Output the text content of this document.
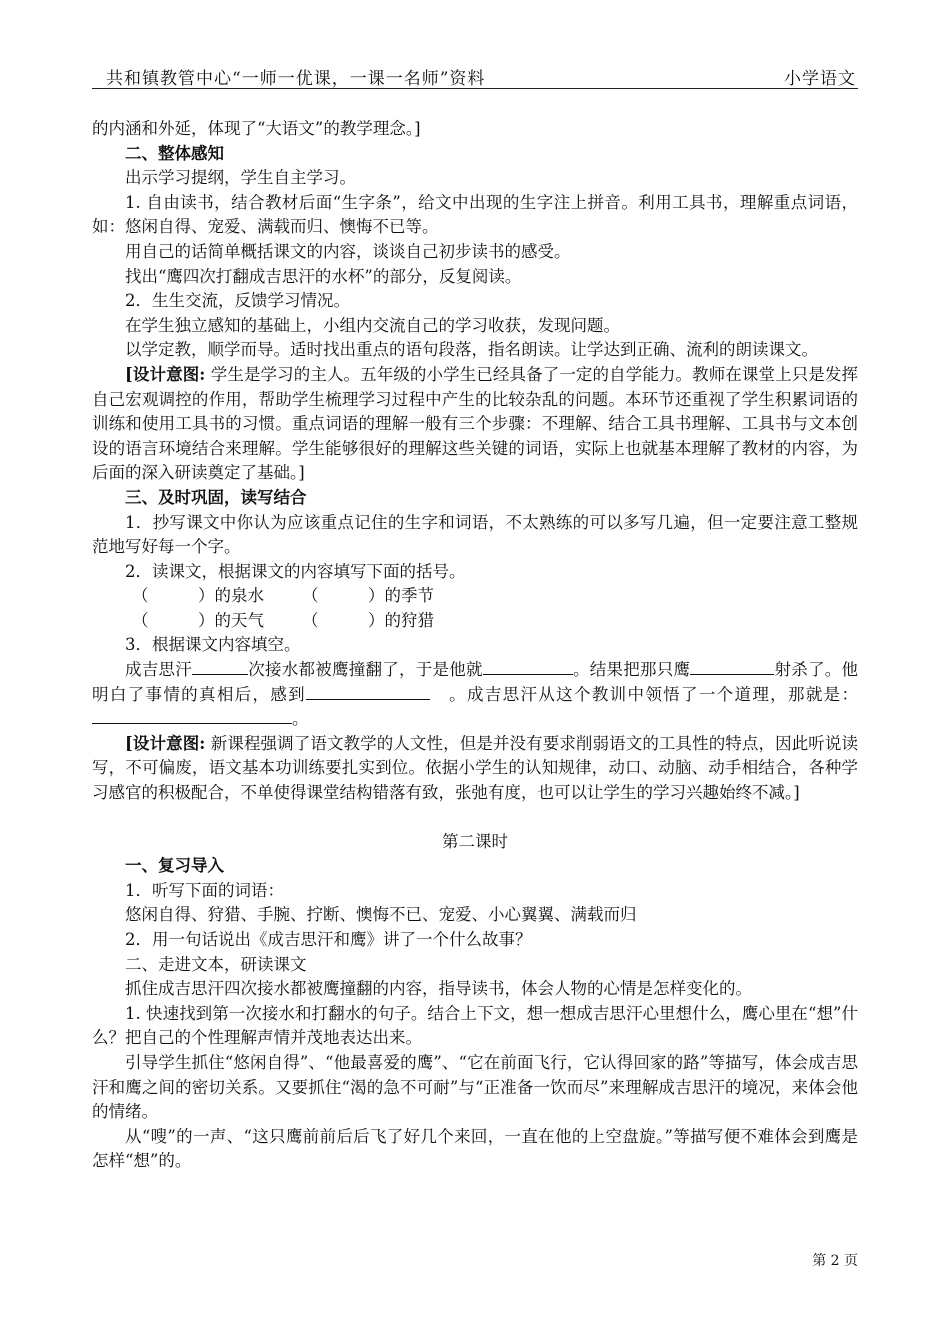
共和镇教管中心“一师一优课，一课一名师”资料	小学语文

的内涵和外延，体现了“大语文”的教学理念。]

二、整体感知

出示学习提纲，学生自主学习。

1. 自由读书，结合教材后面“生字条”，给文中出现的生字注上拼音。利用工具书，理解重点词语，如：悠闲自得、宠爱、满载而归、懊悔不已等。

用自己的话简单概括课文的内容，谈谈自己初步读书的感受。

找出“鹰四次打翻成吉思汗的水杯”的部分，反复阅读。

2．生生交流，反馈学习情况。

在学生独立感知的基础上，小组内交流自己的学习收获，发现问题。

以学定教，顺学而导。适时找出重点的语句段落，指名朗读。让学达到正确、流利的朗读课文。

[设计意图: 学生是学习的主人。五年级的小学生已经具备了一定的自学能力。教师在课堂上只是发挥自己宏观调控的作用，帮助学生梳理学习过程中产生的比较杂乱的问题。本环节还重视了学生积累词语的训练和使用工具书的习惯。重点词语的理解一般有三个步骤：不理解、结合工具书理解、工具书与文本创设的语言环境结合来理解。学生能够很好的理解这些关键的词语，实际上也就基本理解了教材的内容，为后面的深入研读奠定了基础。]

三、及时巩固，读写结合

1．抄写课文中你认为应该重点记住的生字和词语，不太熟练的可以多写几遍，但一定要注意工整规范地写好每一个字。

2．读课文，根据课文的内容填写下面的括号。

（　　　）的泉水 （　　　）的季节

（　　　）的天气 （　　　）的狩猎

3．根据课文内容填空。

成吉思汗	次接水都被鹰撞翻了，于是他就	。结果把那只鹰	射杀了。他明白了事情的真相后，感到	　。成吉思汗从这个教训中领悟了一个道理，那就是：。

[设计意图: 新课程强调了语文教学的人文性，但是并没有要求削弱语文的工具性的特点，因此听说读写，不可偏废，语文基本功训练要扎实到位。依据小学生的认知规律，动口、动脑、动手相结合，各种学习感官的积极配合，不单使得课堂结构错落有致，张弛有度，也可以让学生的学习兴趣始终不减。]

第二课时

一、复习导入

1．听写下面的词语：

悠闲自得、狩猎、手腕、拧断、懊悔不已、宠爱、小心翼翼、满载而归

2．用一句话说出《成吉思汗和鹰》讲了一个什么故事？

二、走进文本，研读课文

抓住成吉思汗四次接水都被鹰撞翻的内容，指导读书，体会人物的心情是怎样变化的。

1. 快速找到第一次接水和打翻水的句子。结合上下文，想一想成吉思汗心里想什么，鹰心里在“想”什么？把自己的个性理解声情并茂地表达出来。

引导学生抓住“悠闲自得”、“他最喜爱的鹰”、“它在前面飞行，它认得回家的路”等描写，体会成吉思汗和鹰之间的密切关系。又要抓住“渴的急不可耐”与“正准备一饮而尽”来理解成吉思汗的境况，来体会他的情绪。

从“嗖”的一声、“这只鹰前前后后飞了好几个来回，一直在他的上空盘旋。”等描写便不难体会到鹰是怎样“想”的。

第 2 页
